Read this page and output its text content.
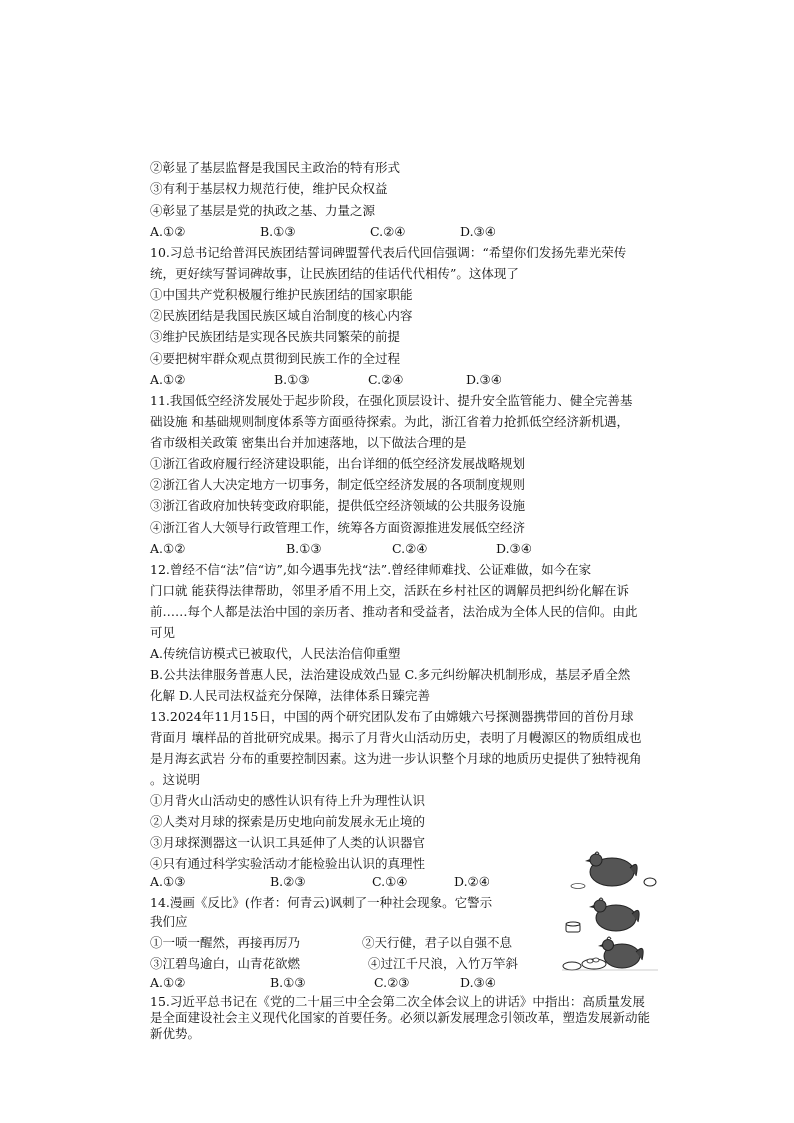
②彰显了基层监督是我国民主政治的特有形式
③有利于基层权力规范行使，维护民众权益
④彰显了基层是党的执政之基、力量之源
A.①②	B.①③	C.②④	D.③④
10.习总书记给普洱民族团结誓词碑盟誓代表后代回信强调：“希望你们发扬先辈光荣传
统，更好续写誓词碑故事，让民族团结的佳话代代相传”。这体现了
①中国共产党积极履行维护民族团结的国家职能
②民族团结是我国民族区域自治制度的核心内容
③维护民族团结是实现各民族共同繁荣的前提
④要把树牢群众观点贯彻到民族工作的全过程
A.①②	B.①③	C.②④	D.③④
11.我国低空经济发展处于起步阶段，在强化顶层设计、提升安全监管能力、健全完善基
础设施 和基础规则制度体系等方面亟待探索。为此，浙江省着力抢抓低空经济新机遇，
省市级相关政策 密集出台并加速落地，以下做法合理的是
①浙江省政府履行经济建设职能，出台详细的低空经济发展战略规划
②浙江省人大决定地方一切事务，制定低空经济发展的各项制度规则
③浙江省政府加快转变政府职能，提供低空经济领域的公共服务设施
④浙江省人大领导行政管理工作，统筹各方面资源推进发展低空经济
A.①②	B.①③	C.②④	D.③④
12.曾经不信“法”信“访”,如今遇事先找“法”.曾经律师难找、公证难做，如今在家
门口就 能获得法律帮助，邻里矛盾不用上交，活跃在乡村社区的调解员把纠纷化解在诉
前……每个人都是法治中国的亲历者、推动者和受益者，法治成为全体人民的信仰。由此
可见
A.传统信访模式已被取代，人民法治信仰重塑
B.公共法律服务普惠人民，法治建设成效凸显 C.多元纠纷解决机制形成，基层矛盾全然
化解 D.人民司法权益充分保障，法律体系日臻完善
13.2024年11月15日，中国的两个研究团队发布了由嫦娥六号探测器携带回的首份月球
背面月 壤样品的首批研究成果。揭示了月背火山活动历史，表明了月幔源区的物质组成也
是月海玄武岩 分布的重要控制因素。这为进一步认识整个月球的地质历史提供了独特视角
。这说明
①月背火山活动史的感性认识有待上升为理性认识
②人类对月球的探索是历史地向前发展永无止境的
③月球探测器这一认识工具延伸了人类的认识器官
④只有通过科学实验活动才能检验出认识的真理性
A.①③	B.②③	C.①④	D.②④
14.漫画《反比》(作者：何青云)讽刺了一种社会现象。它警示
我们应
①一唝一醒然，再接再厉乃	②天行健，君子以自强不息
③江碧鸟逾白，山青花欲燃	④过江千尺浪，入竹万竿斜
A.①②	B.①③	C.②③	D.③④
15.习近平总书记在《党的二十届三中全会第二次全体会议上的讲话》中指出：高质量发展
是全面建设社会主义现代化国家的首要任务。必须以新发展理念引领改革，塑造发展新动能
新优势。
